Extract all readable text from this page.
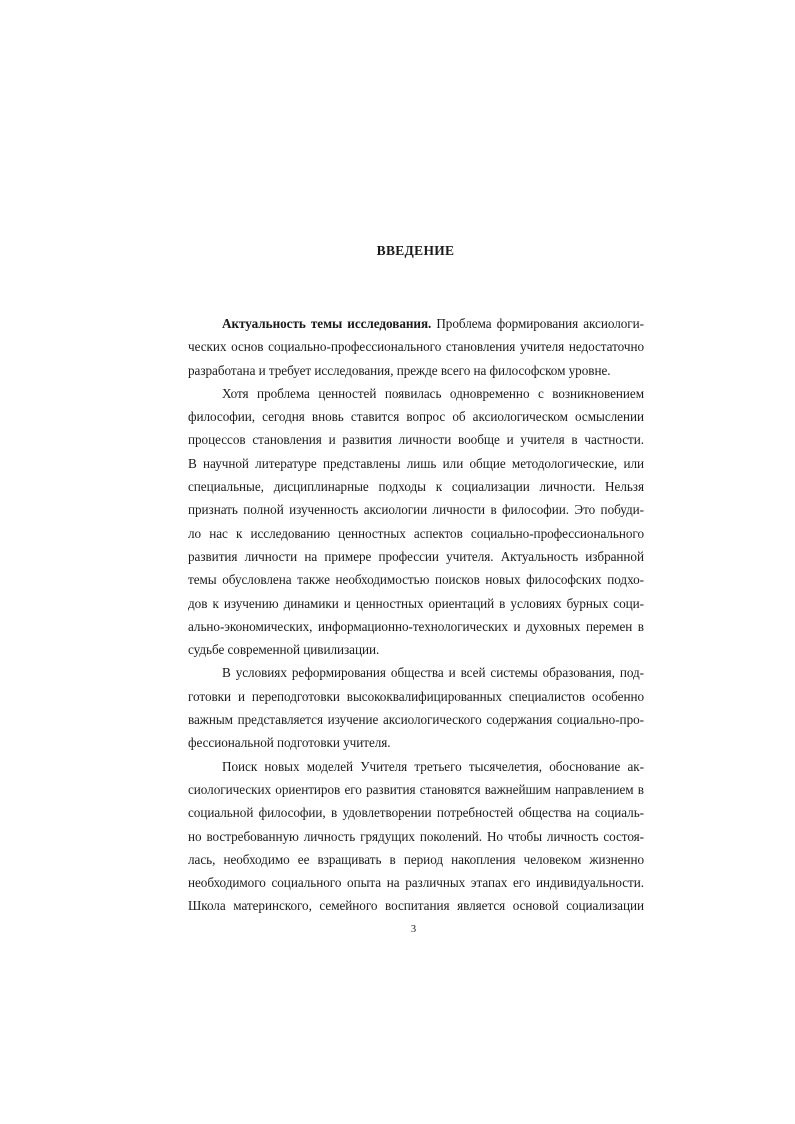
ВВЕДЕНИЕ
Актуальность темы исследования. Проблема формирования аксиологи-
ческих основ социально-профессионального становления учителя недостаточно
разработана и требует исследования, прежде всего на философском уровне.
Хотя проблема ценностей появилась одновременно с возникновением
философии, сегодня вновь ставится вопрос об аксиологическом осмыслении
процессов становления и развития личности вообще и учителя в частности.
В научной литературе представлены лишь или общие методологические, или
специальные, дисциплинарные подходы к социализации личности. Нельзя
признать полной изученность аксиологии личности в философии. Это побуди-
ло нас к исследованию ценностных аспектов социально-профессионального
развития личности на примере профессии учителя. Актуальность избранной
темы обусловлена также необходимостью поисков новых философских подхо-
дов к изучению динамики и ценностных ориентаций в условиях бурных соци-
ально-экономических, информационно-технологических и духовных перемен в
судьбе современной цивилизации.
В условиях реформирования общества и всей системы образования, под-
готовки и переподготовки высококвалифицированных специалистов особенно
важным представляется изучение аксиологического содержания социально-про-
фессиональной подготовки учителя.
Поиск новых моделей Учителя третьего тысячелетия, обоснование ак-
сиологических ориентиров его развития становятся важнейшим направлением в
социальной философии, в удовлетворении потребностей общества на социаль-
но востребованную личность грядущих поколений. Но чтобы личность состоя-
лась, необходимо ее взращивать в период накопления человеком жизненно
необходимого социального опыта на различных этапах его индивидуальности.
Школа материнского, семейного воспитания является основой социализации
3
